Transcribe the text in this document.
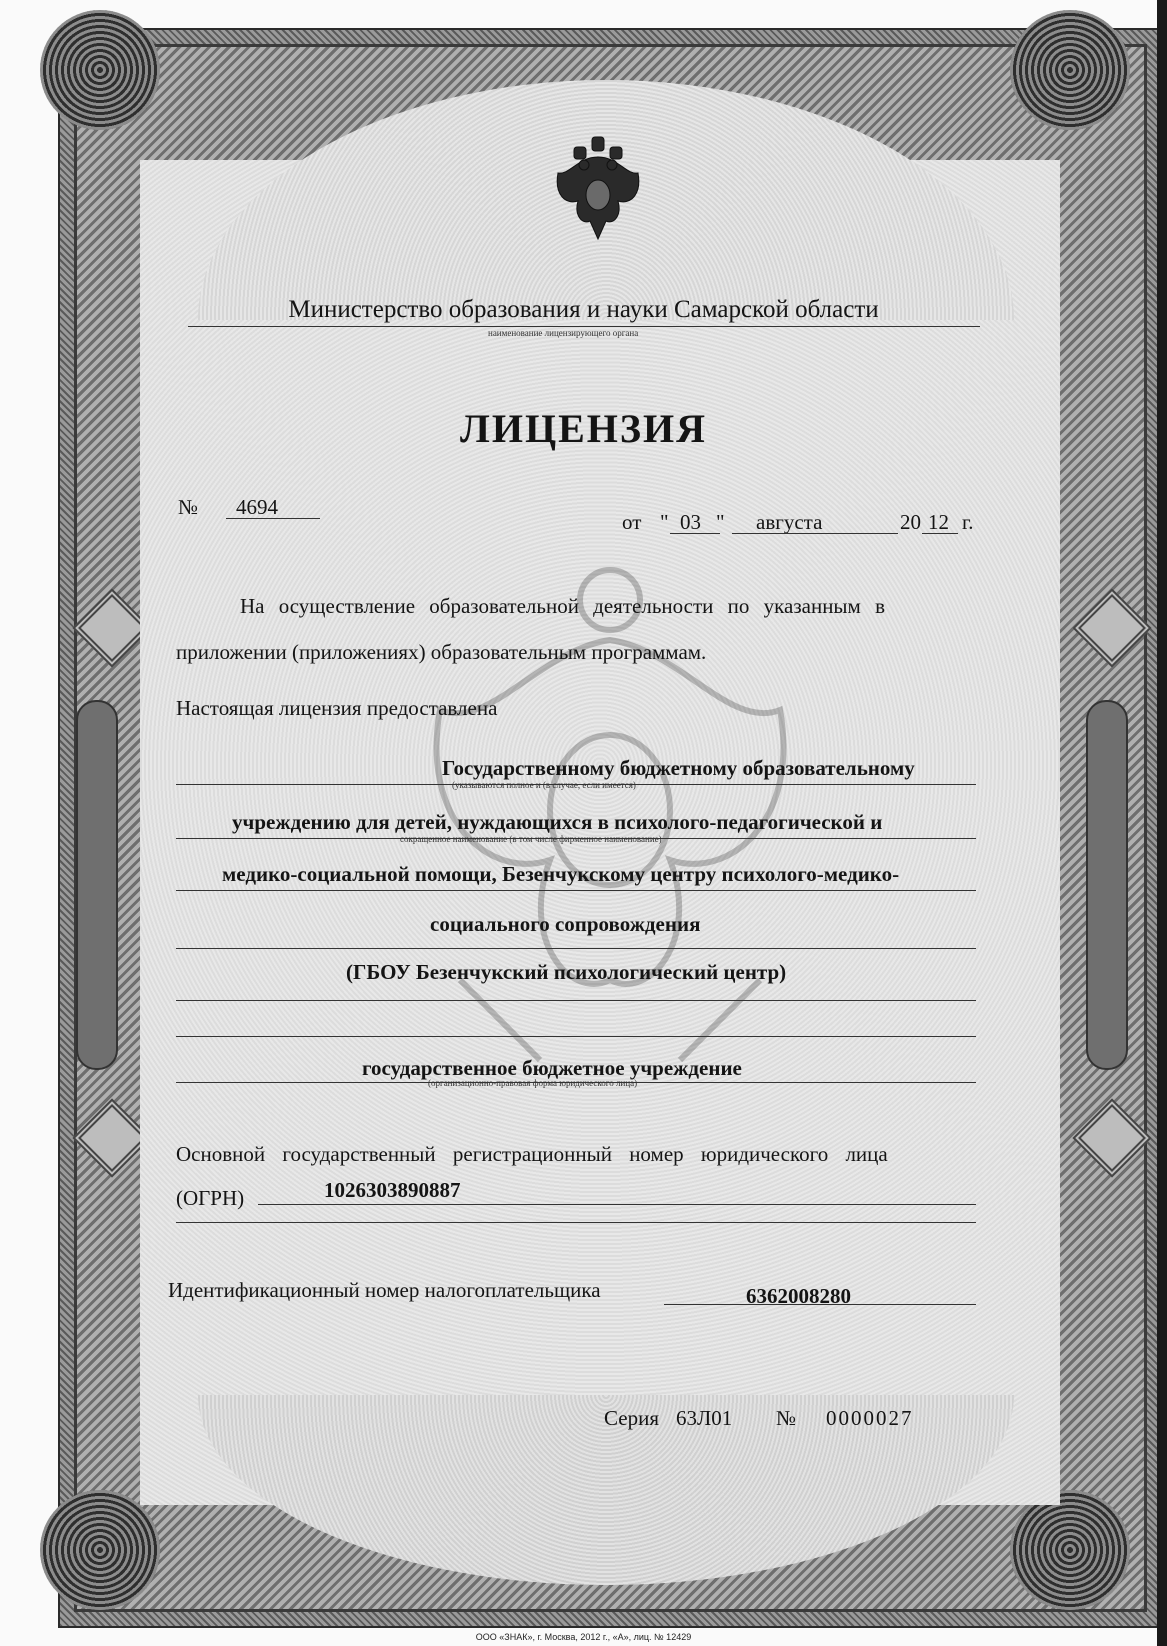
Министерство образования и науки Самарской области
наименование лицензирующего органа
ЛИЦЕНЗИЯ
№ 4694
от " 03 " августа	20 12 г.
На осуществление образовательной деятельности по указанным в
приложении (приложениях) образовательным программам.
Настоящая лицензия предоставлена
Государственному бюджетному образовательному
(указываются полное и (в случае, если имеется)
учреждению для детей, нуждающихся в психолого-педагогической и
сокращенное наименование (в том числе фирменное наименование)
медико-социальной помощи, Безенчукскому центру психолого-медико-
социального сопровождения
(ГБОУ Безенчукский психологический центр)
государственное бюджетное учреждение
(организационно-правовая форма юридического лица)
Основной государственный регистрационный номер юридического лица
(ОГРН)	1026303890887
Идентификационный номер налогоплательщика	6362008280
Серия 63Л01 № 0000027
ООО «ЗНАК», г. Москва, 2012 г., «А», лиц. № 12429
